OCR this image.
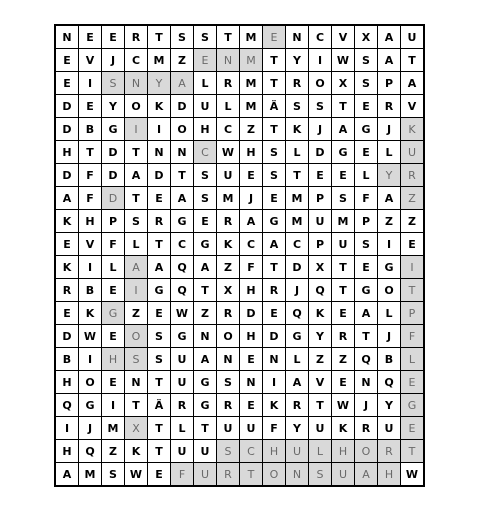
N	E	E	R	T	S	S	T	M	E	N	C	V	X	A	U
E	V	J	C	M	Z	E	N	M	T	Y	I	W	S	A	T
E	I	S	N	Y	A	L	R	M	T	R	O	X	S	P	A
D	E	Y	O	K	D	U	L	M	Ä	S	S	T	E	R	V
D	B	G	I	I	O	H	C	Z	T	K	J	A	G	J	K
H	T	D	T	N	N	C	W	H	S	L	D	G	E	L	U
D	F	D	A	D	T	S	U	E	S	T	E	E	L	Y	R
A	F	D	T	E	A	S	M	J	E	M	P	S	F	A	Z
K	H	P	S	R	G	E	R	A	G	M	U	M	P	Z	Z
E	V	F	L	T	C	G	K	C	A	C	P	U	S	I	E
K	I	L	A	A	Q	A	Z	F	T	D	X	T	E	G	I
R	B	E	I	G	Q	T	X	H	R	J	Q	T	G	O	T
E	K	G	Z	E	W	Z	R	D	E	Q	K	E	A	L	P
D	W	E	O	S	G	N	O	H	D	G	Y	R	T	J	F
B	I	H	S	S	U	A	N	E	N	L	Z	Z	Q	B	L
H	O	E	N	T	U	G	S	N	I	A	V	E	N	Q	E
Q	G	I	T	Ä	R	G	R	E	K	R	T	W	J	Y	G
I	J	M	X	T	L	T	U	U	F	Y	U	K	R	U	E
H	Q	Z	K	T	U	U	S	C	H	U	L	H	O	R	T
A	M	S	W	E	F	U	R	T	O	N	S	U	A	H	W
